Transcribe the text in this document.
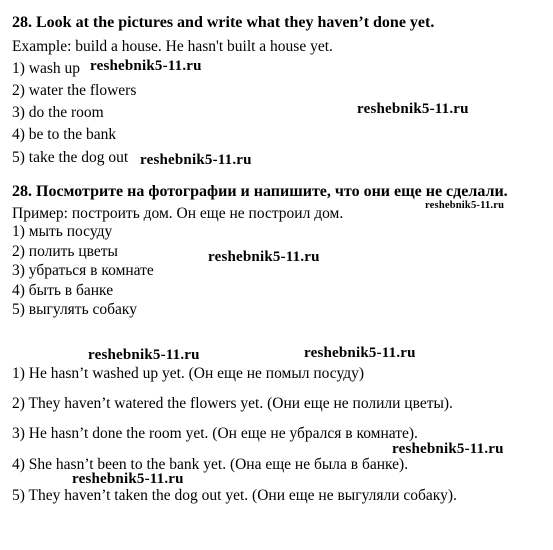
28. Look at the pictures and write what they haven’t done yet.
Example: build a house. He hasn't built a house yet.
1) wash up
2) water the flowers
3) do the room
4) be to the bank
5) take the dog out
28. Посмотрите на фотографии и напишите, что они еще не сделали.
Пример: построить дом. Он еще не построил дом.
1) мыть посуду
2) полить цветы
3) убраться в комнате
4) быть в банке
5) выгулять собаку
1) He hasn’t washed up yet. (Он еще не помыл посуду)
2) They haven’t watered the flowers yet. (Они еще не полили цветы).
3) He hasn’t done the room yet. (Он еще не убрался в комнате).
4) She hasn’t been to the bank yet. (Она еще не была в банке).
5) They haven’t taken the dog out yet. (Они еще не выгуляли собаку).
reshebnik5-11.ru
reshebnik5-11.ru
reshebnik5-11.ru
reshebnik5-11.ru
reshebnik5-11.ru
reshebnik5-11.ru	reshebnik5-11.ru
reshebnik5-11.ru
reshebnik5-11.ru
